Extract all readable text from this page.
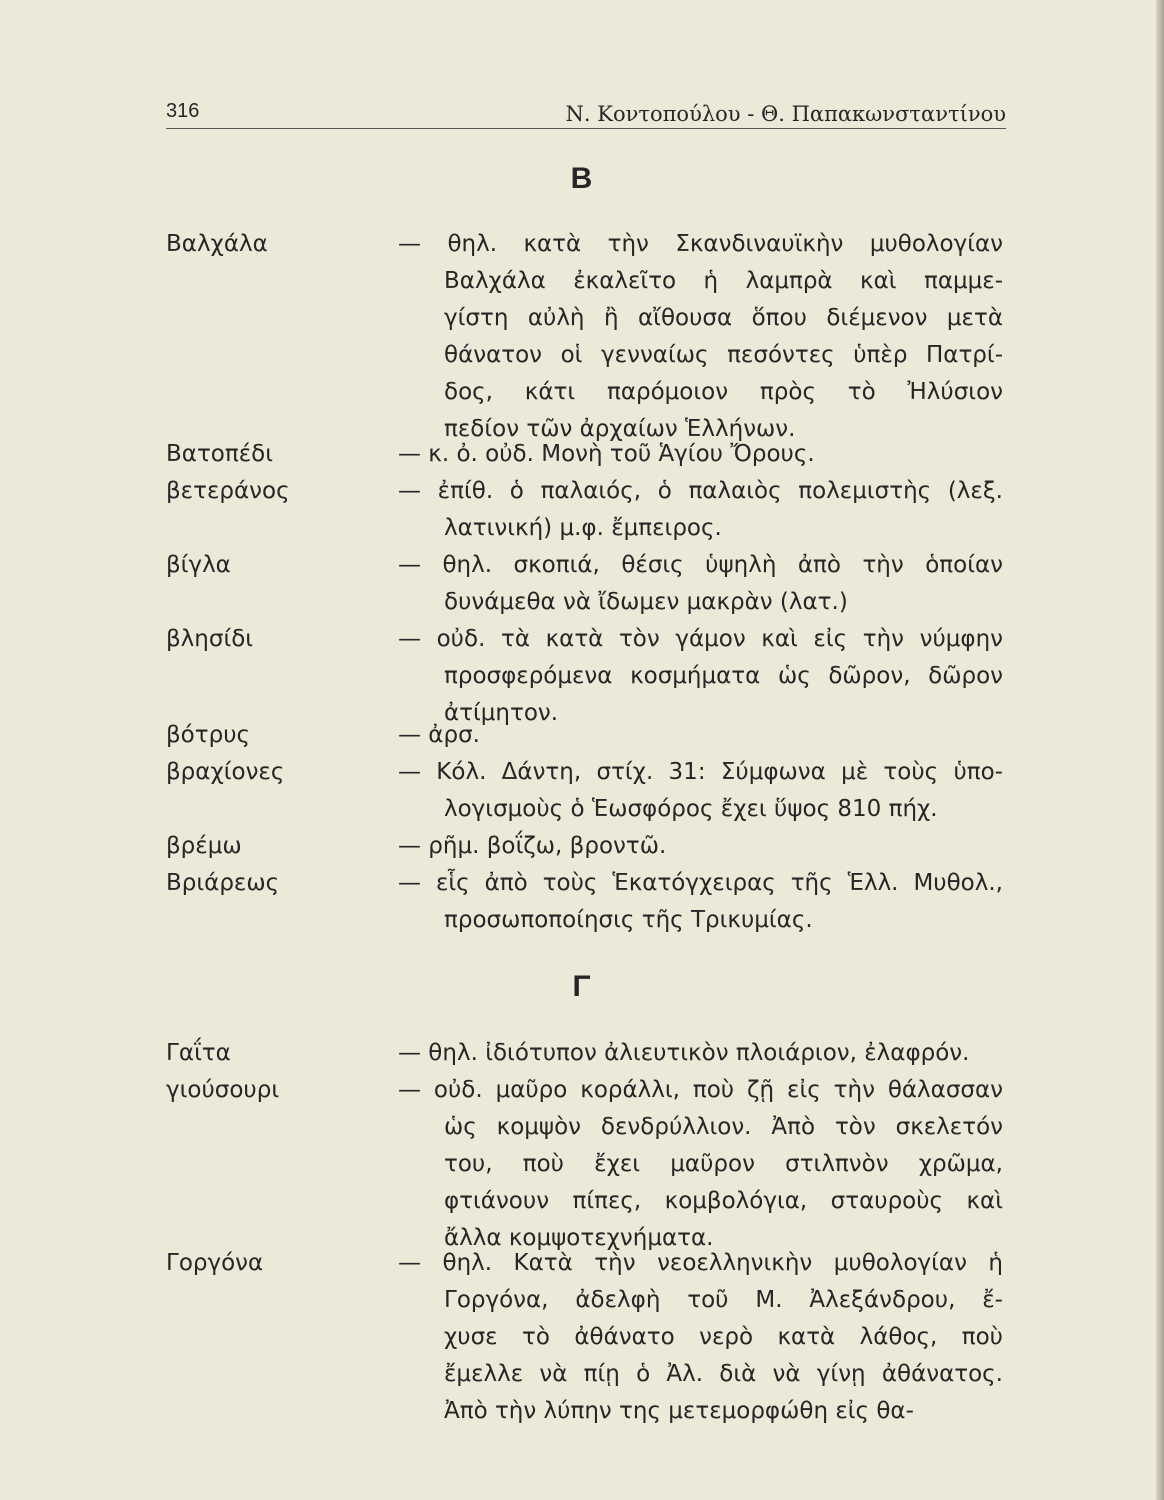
316	Ν. Κοντοπούλου - Θ. Παπακωνσταντίνου
B
Βαλχάλα	— θηλ. κατὰ τὴν Σκανδιναυϊκὴν μυθολογίαν
Βαλχάλα ἐκαλεῖτο ἡ λαμπρὰ καὶ παμμε-
γίστη αὐλὴ ἢ αἴθουσα ὅπου διέμενον μετὰ
θάνατον οἱ γενναίως πεσόντες ὑπὲρ Πατρί-
δος, κάτι παρόμοιον πρὸς τὸ Ἠλύσιον
πεδίον τῶν ἀρχαίων Ἑλλήνων.
Βατοπέδι	— κ. ὀ. οὐδ. Μονὴ τοῦ Ἁγίου Ὄρους.
βετεράνος	— ἐπίθ. ὁ παλαιός, ὁ παλαιὸς πολεμιστὴς (λεξ.
λατινική) μ.φ. ἔμπειρος.
βίγλα	— θηλ. σκοπιά, θέσις ὑψηλὴ ἀπὸ τὴν ὁποίαν
δυνάμεθα νὰ ἴδωμεν μακρὰν (λατ.)
βλησίδι	— οὐδ. τὰ κατὰ τὸν γάμον καὶ εἰς τὴν νύμφην
προσφερόμενα κοσμήματα ὡς δῶρον, δῶρον
ἀτίμητον.
βότρυς	— ἀρσ.
βραχίονες	— Κόλ. Δάντη, στίχ. 31: Σύμφωνα μὲ τοὺς ὑπο-
λογισμοὺς ὁ Ἑωσφόρος ἔχει ὕψος 810 πήχ.
βρέμω	— ρῆμ. βοΐζω, βροντῶ.
Βριάρεως	— εἷς ἀπὸ τοὺς Ἑκατόγχειρας τῆς Ἑλλ. Μυθολ.,
προσωποποίησις τῆς Τρικυμίας.
Γ
Γαΐτα	— θηλ. ἰδιότυπον ἀλιευτικὸν πλοιάριον, ἐλαφρόν.
γιούσουρι	— οὐδ. μαῦρο κοράλλι, ποὺ ζῇ εἰς τὴν θάλασσαν
ὡς κομψὸν δενδρύλλιον. Ἀπὸ τὸν σκελετόν
του, ποὺ ἔχει μαῦρον στιλπνὸν χρῶμα,
φτιάνουν πίπες, κομβολόγια, σταυροὺς καὶ
ἄλλα κομψοτεχνήματα.
Γοργόνα	— θηλ. Κατὰ τὴν νεοελληνικὴν μυθολογίαν ἡ
Γοργόνα, ἀδελφὴ τοῦ Μ. Ἀλεξάνδρου, ἔ-
χυσε τὸ ἀθάνατο νερὸ κατὰ λάθος, ποὺ
ἔμελλε νὰ πίῃ ὁ Ἀλ. διὰ νὰ γίνῃ ἀθάνατος.
Ἀπὸ τὴν λύπην της μετεμορφώθη εἰς θα-
